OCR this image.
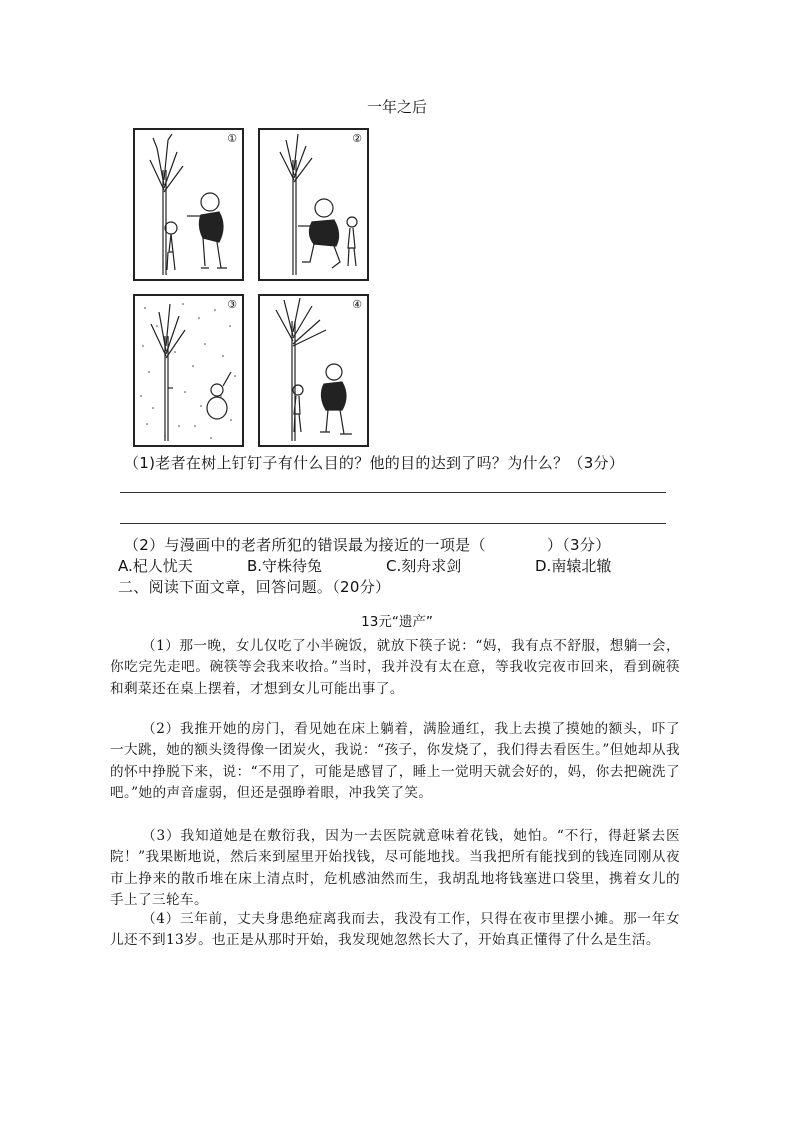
一年之后
①	②
③	④
（1)老者在树上钉钉子有什么目的？他的目的达到了吗？为什么？（3分）
（2）与漫画中的老者所犯的错误最为接近的一项是（　　　　）（3分）
A.杞人忧天	B.守株待兔	C.刻舟求剑	D.南辕北辙
二、阅读下面文章，回答问题。（20分）
13元“遗产”
（1）那一晚，女儿仅吃了小半碗饭，就放下筷子说：“妈，我有点不舒服，想躺一会，你吃完先走吧。碗筷等会我来收拾。”当时，我并没有太在意，等我收完夜市回来，看到碗筷和剩菜还在桌上摆着，才想到女儿可能出事了。
（2）我推开她的房门，看见她在床上躺着，满脸通红，我上去摸了摸她的额头，吓了一大跳，她的额头烫得像一团炭火，我说：“孩子，你发烧了，我们得去看医生。”但她却从我的怀中挣脱下来，说：“不用了，可能是感冒了，睡上一觉明天就会好的，妈，你去把碗洗了吧。”她的声音虚弱，但还是强睁着眼，冲我笑了笑。
（3）我知道她是在敷衍我，因为一去医院就意味着花钱，她怕。“不行，得赶紧去医院！”我果断地说，然后来到屋里开始找钱，尽可能地找。当我把所有能找到的钱连同刚从夜市上挣来的散币堆在床上清点时，危机感油然而生，我胡乱地将钱塞进口袋里，携着女儿的手上了三轮车。
（4）三年前，丈夫身患绝症离我而去，我没有工作，只得在夜市里摆小摊。那一年女儿还不到13岁。也正是从那时开始，我发现她忽然长大了，开始真正懂得了什么是生活。
